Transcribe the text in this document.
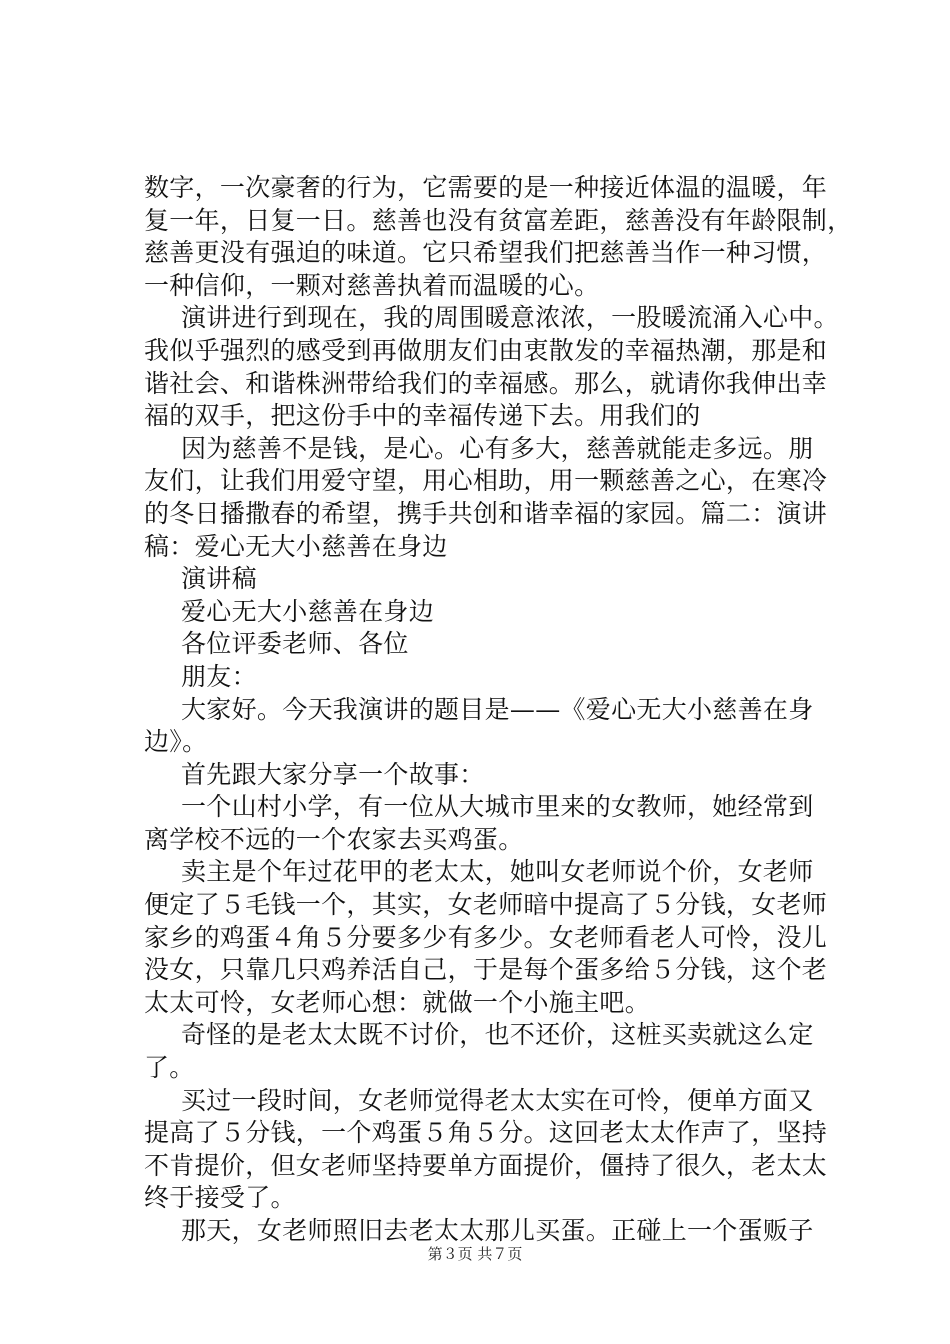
数字，一次豪奢的行为，它需要的是一种接近体温的温暖，年
复一年，日复一日。慈善也没有贫富差距，慈善没有年龄限制，
慈善更没有强迫的味道。它只希望我们把慈善当作一种习惯，
一种信仰，一颗对慈善执着而温暖的心。
演讲进行到现在，我的周围暖意浓浓，一股暖流涌入心中。
我似乎强烈的感受到再做朋友们由衷散发的幸福热潮，那是和
谐社会、和谐株洲带给我们的幸福感。那么，就请你我伸出幸
福的双手，把这份手中的幸福传递下去。用我们的
因为慈善不是钱，是心。心有多大，慈善就能走多远。朋
友们，让我们用爱守望，用心相助，用一颗慈善之心，在寒冷
的冬日播撒春的希望，携手共创和谐幸福的家园。篇二：演讲
稿：爱心无大小慈善在身边
演讲稿
爱心无大小慈善在身边
各位评委老师、各位
朋友：
大家好。今天我演讲的题目是——《爱心无大小慈善在身
边》。
首先跟大家分享一个故事：
一个山村小学，有一位从大城市里来的女教师，她经常到
离学校不远的一个农家去买鸡蛋。
卖主是个年过花甲的老太太，她叫女老师说个价，女老师
便定了５毛钱一个，其实，女老师暗中提高了５分钱，女老师
家乡的鸡蛋４角５分要多少有多少。女老师看老人可怜，没儿
没女，只靠几只鸡养活自己，于是每个蛋多给５分钱，这个老
太太可怜，女老师心想：就做一个小施主吧。
奇怪的是老太太既不讨价，也不还价，这桩买卖就这么定
了。
买过一段时间，女老师觉得老太太实在可怜，便单方面又
提高了５分钱，一个鸡蛋５角５分。这回老太太作声了，坚持
不肯提价，但女老师坚持要单方面提价，僵持了很久，老太太
终于接受了。
那天，女老师照旧去老太太那儿买蛋。正碰上一个蛋贩子
第３页 共７页
